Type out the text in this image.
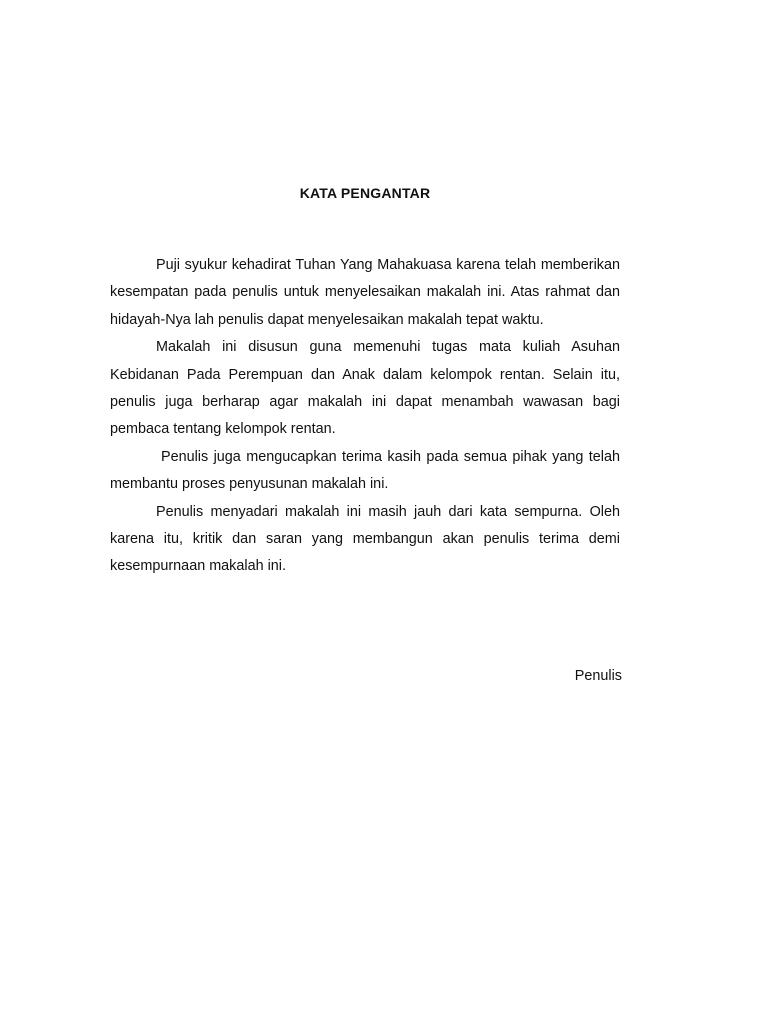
KATA PENGANTAR

Puji syukur kehadirat Tuhan Yang Mahakuasa karena telah memberikan kesempatan pada penulis untuk menyelesaikan makalah ini. Atas rahmat dan hidayah-Nya lah penulis dapat menyelesaikan makalah tepat waktu.

Makalah ini disusun guna memenuhi tugas mata kuliah Asuhan Kebidanan Pada Perempuan dan Anak dalam kelompok rentan. Selain itu, penulis juga berharap agar makalah ini dapat menambah wawasan bagi pembaca tentang kelompok rentan.

Penulis juga mengucapkan terima kasih pada semua pihak yang telah membantu proses penyusunan makalah ini.

Penulis menyadari makalah ini masih jauh dari kata sempurna. Oleh karena itu, kritik dan saran yang membangun akan penulis terima demi kesempurnaan makalah ini.

Penulis
